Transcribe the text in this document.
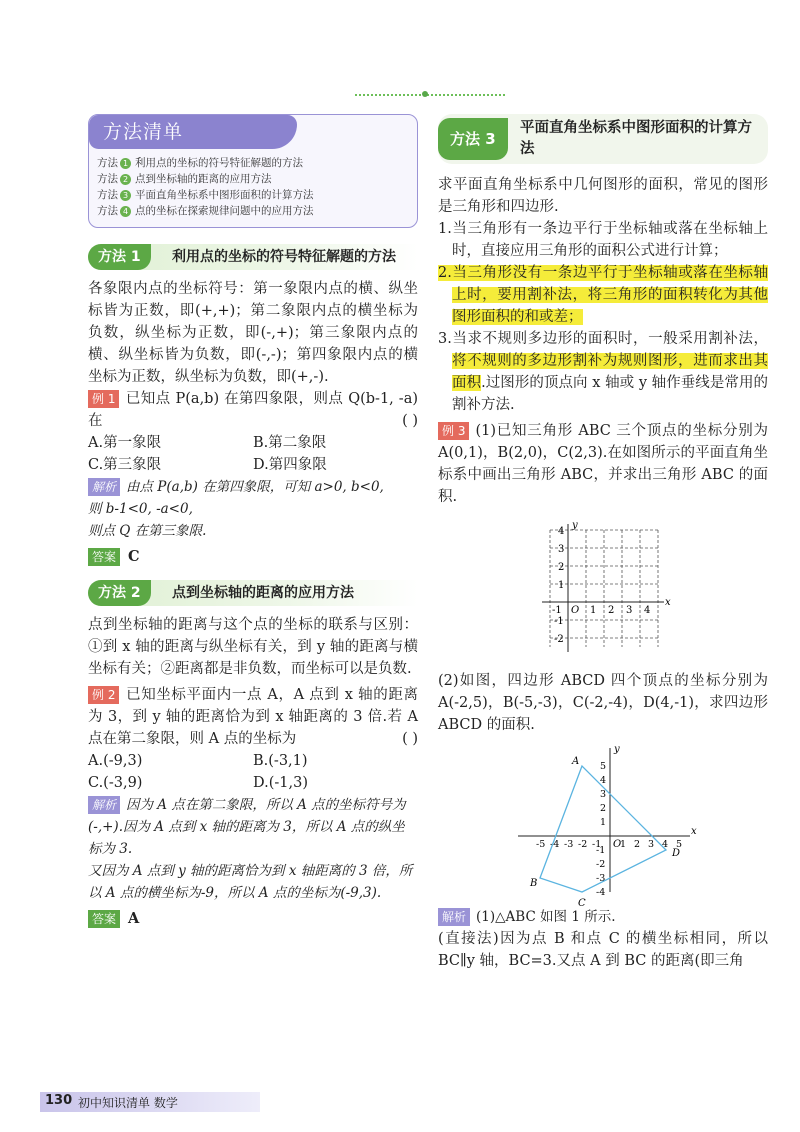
方法清单
方法 1 利用点的坐标的符号特征解题的方法
方法 2 点到坐标轴的距离的应用方法
方法 3 平面直角坐标系中图形面积的计算方法
方法 4 点的坐标在探索规律问题中的应用方法
方法 1	利用点的坐标的符号特征解题的方法
各象限内点的坐标符号：第一象限内点的横、纵坐标皆为正数，即(+,+)；第二象限内点的横坐标为负数，纵坐标为正数，即(-,+)；第三象限内点的横、纵坐标皆为负数，即(-,-)；第四象限内点的横坐标为正数，纵坐标为负数，即(+,-).
例 1 已知点 P(a,b) 在第四象限，则点 Q(b-1, -a) 在	( )
A.第一象限	B.第二象限
C.第三象限	D.第四象限
解析 由点 P(a,b) 在第四象限，可知 a>0, b<0,
则 b-1<0, -a<0,
则点 Q 在第三象限.
答案 C
方法 2	点到坐标轴的距离的应用方法
点到坐标轴的距离与这个点的坐标的联系与区别：①到 x 轴的距离与纵坐标有关，到 y 轴的距离与横坐标有关；②距离都是非负数，而坐标可以是负数.
例 2 已知坐标平面内一点 A，A 点到 x 轴的距离为 3，到 y 轴的距离恰为到 x 轴距离的 3 倍.若 A 点在第二象限，则 A 点的坐标为	( )
A.(-9,3)	B.(-3,1)
C.(-3,9)	D.(-1,3)
解析 因为 A 点在第二象限，所以 A 点的坐标符号为(-,+).因为 A 点到 x 轴的距离为 3，所以 A 点的纵坐标为 3.
又因为 A 点到 y 轴的距离恰为到 x 轴距离的 3 倍，所以 A 点的横坐标为-9，所以 A 点的坐标为(-9,3).
答案 A
方法 3
平面直角坐标系中图形面积的计算方法
求平面直角坐标系中几何图形的面积，常见的图形是三角形和四边形.
1.当三角形有一条边平行于坐标轴或落在坐标轴上时，直接应用三角形的面积公式进行计算；
2.当三角形没有一条边平行于坐标轴或落在坐标轴上时，要用割补法，将三角形的面积转化为其他图形面积的和或差；
3.当求不规则多边形的面积时，一般采用割补法，将不规则的多边形割补为规则图形，进而求出其面积.过图形的顶点向 x 轴或 y 轴作垂线是常用的割补方法.
例 3 (1)已知三角形 ABC 三个顶点的坐标分别为A(0,1)，B(2,0)，C(2,3).在如图所示的平面直角坐标系中画出三角形 ABC，并求出三角形 ABC 的面积.
y
x
O
-1	1 2 3 4
4
3
2
1
-1
-2
(2)如图，四边形 ABCD 四个顶点的坐标分别为 A(-2,5)，B(-5,-3)，C(-2,-4)，D(4,-1)，求四边形 ABCD 的面积.
y
x
O
-5 -4 -3 -2 -1 1 2 3 4 5
5
4
3
2
1
-1
-2
-3
-4
A
B
C
D
解析 (1)△ABC 如图 1 所示.
(直接法)因为点 B 和点 C 的横坐标相同，所以 BC∥y 轴，BC=3.又点 A 到 BC 的距离(即三角
130 初中知识清单 数学
